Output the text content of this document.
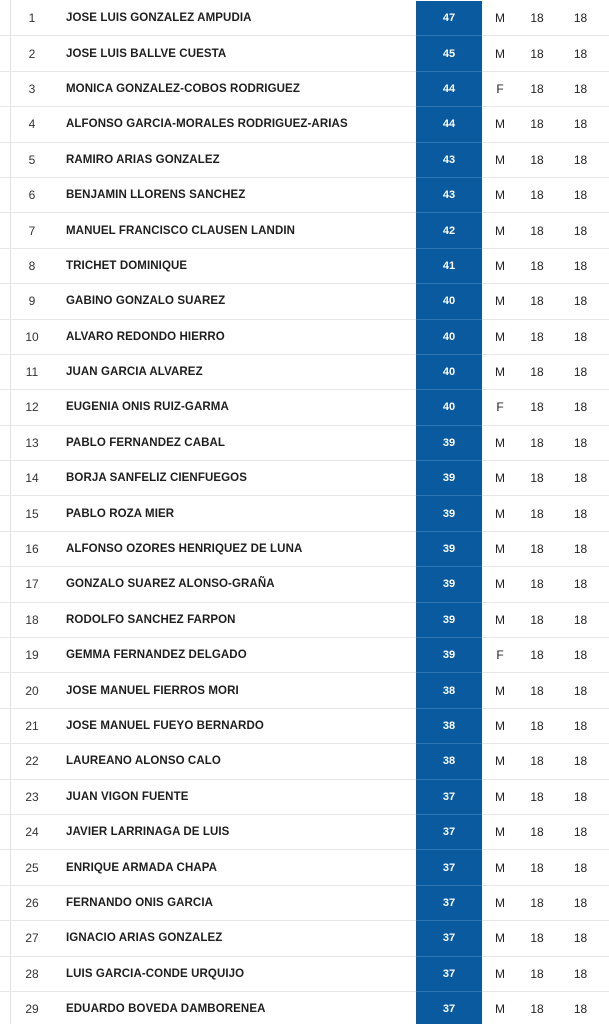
1	JOSE LUIS GONZALEZ AMPUDIA	47	M	18	18
2	JOSE LUIS BALLVE CUESTA	45	M	18	18
3	MONICA GONZALEZ-COBOS RODRIGUEZ	44	F	18	18
4	ALFONSO GARCIA-MORALES RODRIGUEZ-ARIAS	44	M	18	18
5	RAMIRO ARIAS GONZALEZ	43	M	18	18
6	BENJAMIN LLORENS SANCHEZ	43	M	18	18
7	MANUEL FRANCISCO CLAUSEN LANDIN	42	M	18	18
8	TRICHET DOMINIQUE	41	M	18	18
9	GABINO GONZALO SUAREZ	40	M	18	18
10	ALVARO REDONDO HIERRO	40	M	18	18
11	JUAN GARCIA ALVAREZ	40	M	18	18
12	EUGENIA ONIS RUIZ-GARMA	40	F	18	18
13	PABLO FERNANDEZ CABAL	39	M	18	18
14	BORJA SANFELIZ CIENFUEGOS	39	M	18	18
15	PABLO ROZA MIER	39	M	18	18
16	ALFONSO OZORES HENRIQUEZ DE LUNA	39	M	18	18
17	GONZALO SUAREZ ALONSO-GRAÑA	39	M	18	18
18	RODOLFO SANCHEZ FARPON	39	M	18	18
19	GEMMA FERNANDEZ DELGADO	39	F	18	18
20	JOSE MANUEL FIERROS MORI	38	M	18	18
21	JOSE MANUEL FUEYO BERNARDO	38	M	18	18
22	LAUREANO ALONSO CALO	38	M	18	18
23	JUAN VIGON FUENTE	37	M	18	18
24	JAVIER LARRINAGA DE LUIS	37	M	18	18
25	ENRIQUE ARMADA CHAPA	37	M	18	18
26	FERNANDO ONIS GARCIA	37	M	18	18
27	IGNACIO ARIAS GONZALEZ	37	M	18	18
28	LUIS GARCIA-CONDE URQUIJO	37	M	18	18
29	EDUARDO BOVEDA DAMBORENEA	37	M	18	18
